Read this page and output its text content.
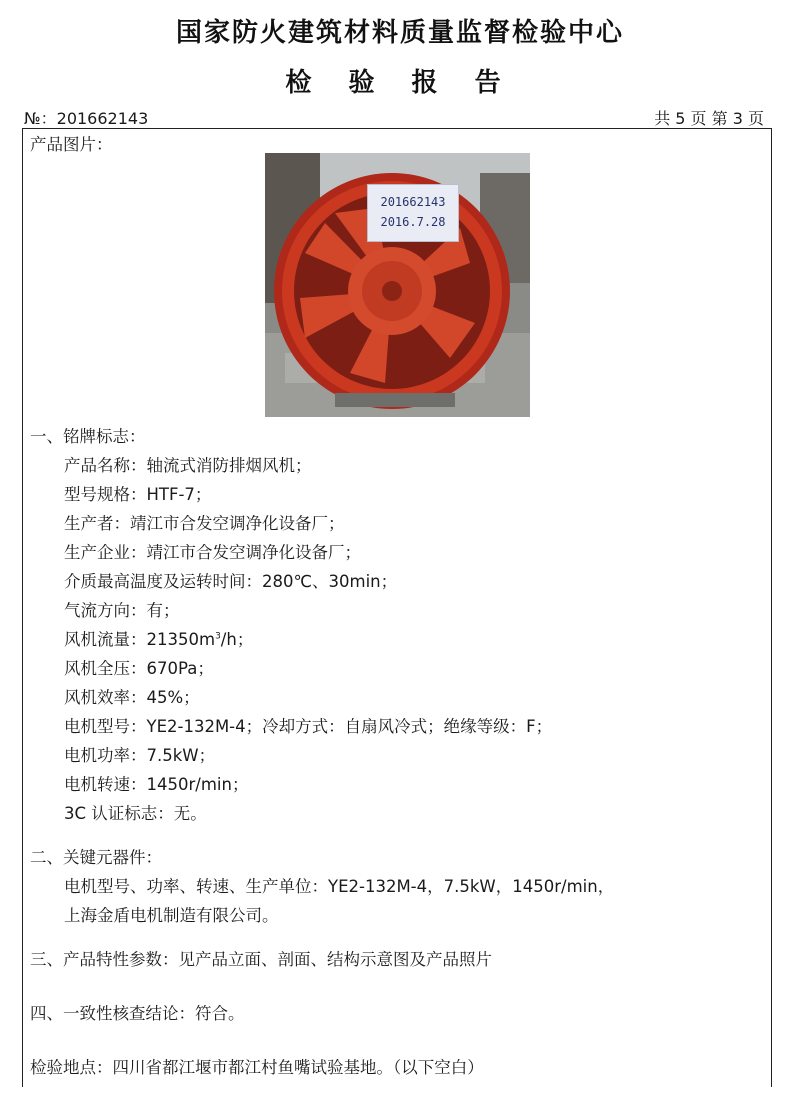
国家防火建筑材料质量监督检验中心
检 验 报 告
№：201662143	共 5 页 第 3 页
产品图片：
201662143
2016.7.28
一、铭牌标志：
产品名称：轴流式消防排烟风机；
型号规格：HTF-7；
生产者：靖江市合发空调净化设备厂；
生产企业：靖江市合发空调净化设备厂；
介质最高温度及运转时间：280℃、30min；
气流方向：有；
风机流量：$21350m^3/h$；
风机全压：670Pa；
风机效率：45%；
电机型号：YE2-132M-4；冷却方式：自扇风冷式；绝缘等级：F；
电机功率：7.5kW；
电机转速：1450r/min；
3C 认证标志：无。
二、关键元器件：
电机型号、功率、转速、生产单位：YE2-132M-4，7.5kW，1450r/min，
上海金盾电机制造有限公司。
三、产品特性参数：见产品立面、剖面、结构示意图及产品照片
四、一致性核查结论：符合。
检验地点：四川省都江堰市都江村鱼嘴试验基地。（以下空白）
